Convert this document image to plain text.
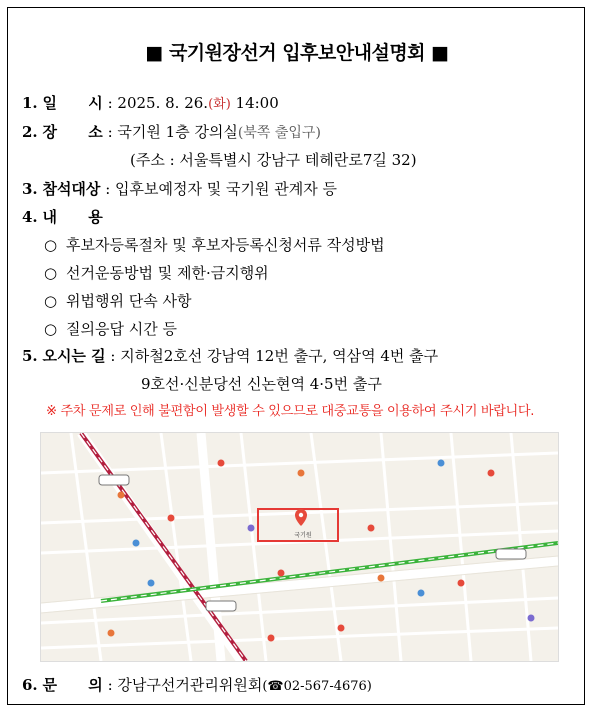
■ 국기원장선거 입후보안내설명회 ■
1. 일      시 : 2025. 8. 26.(화) 14:00
2. 장      소 : 국기원 1층 강의실(북쪽 출입구)
(주소 : 서울특별시 강남구 테헤란로7길 32)
3. 참석대상 : 입후보예정자 및 국기원 관계자 등
4. 내      용
○ 후보자등록절차 및 후보자등록신청서류 작성방법
○ 선거운동방법 및 제한·금지행위
○ 위법행위 단속 사항
○ 질의응답 시간 등
5. 오시는 길 : 지하철2호선 강남역 12번 출구, 역삼역 4번 출구
9호선·신분당선 신논현역 4·5번 출구
※ 주차 문제로 인해 불편함이 발생할 수 있으므로 대중교통을 이용하여 주시기 바랍니다.
국기원
6. 문      의 : 강남구선거관리위원회(☎02-567-4676)
